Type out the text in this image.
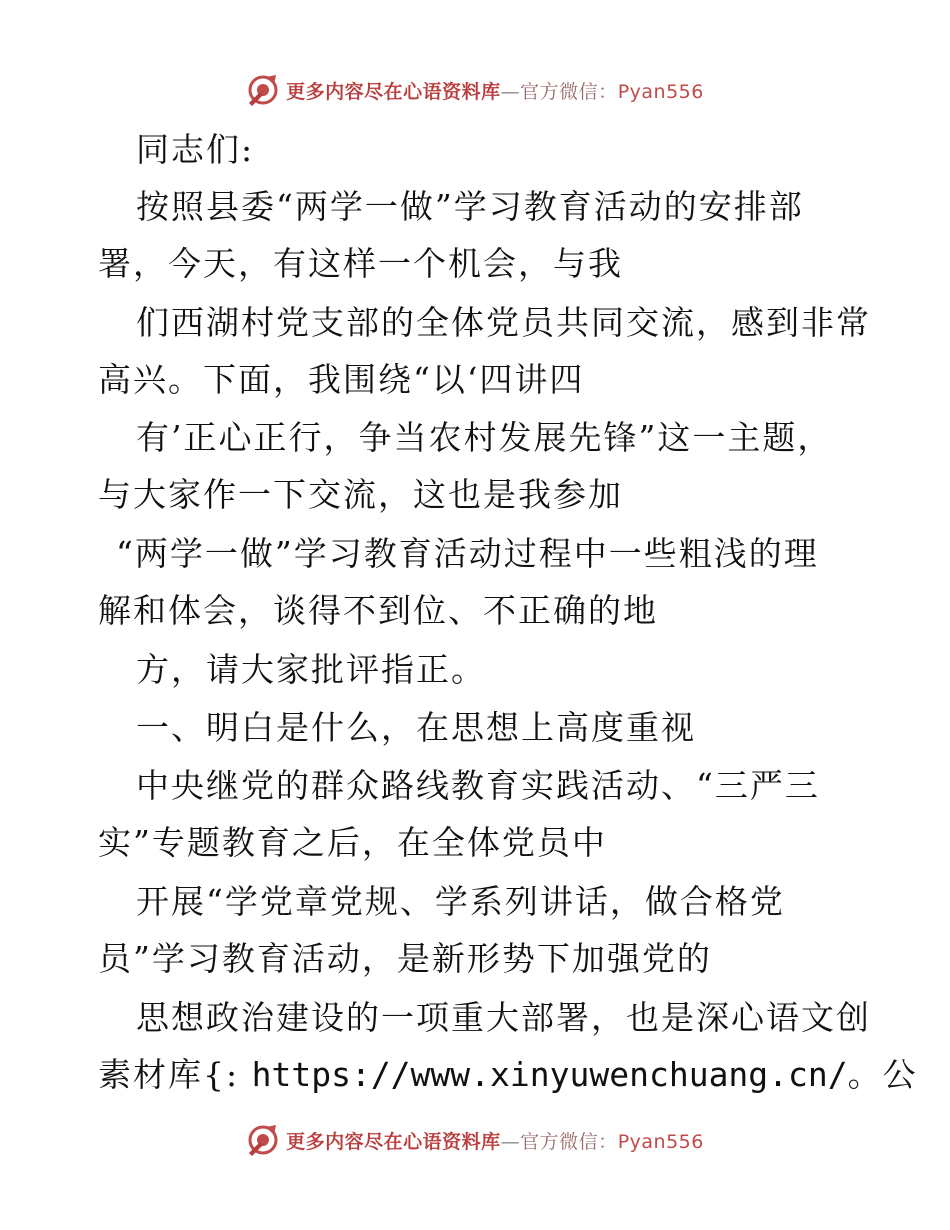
更多内容尽在心语资料库—官方微信：Pyan556
同志们:
按照县委“两学一做”学习教育活动的安排部
署，今天，有这样一个机会，与我
们西湖村党支部的全体党员共同交流，感到非常
高兴。下面，我围绕“以‘四讲四
有’正心正行，争当农村发展先锋”这一主题，
与大家作一下交流，这也是我参加
“两学一做”学习教育活动过程中一些粗浅的理
解和体会，谈得不到位、不正确的地
方，请大家批评指正。
一、明白是什么，在思想上高度重视
中央继党的群众路线教育实践活动、“三严三
实”专题教育之后，在全体党员中
开展“学党章党规、学系列讲话，做合格党
员”学习教育活动，是新形势下加强党的
思想政治建设的一项重大部署，也是深心语文创
素材库{: https://www.xinyuwenchuang.cn/。公
更多内容尽在心语资料库—官方微信：Pyan556
